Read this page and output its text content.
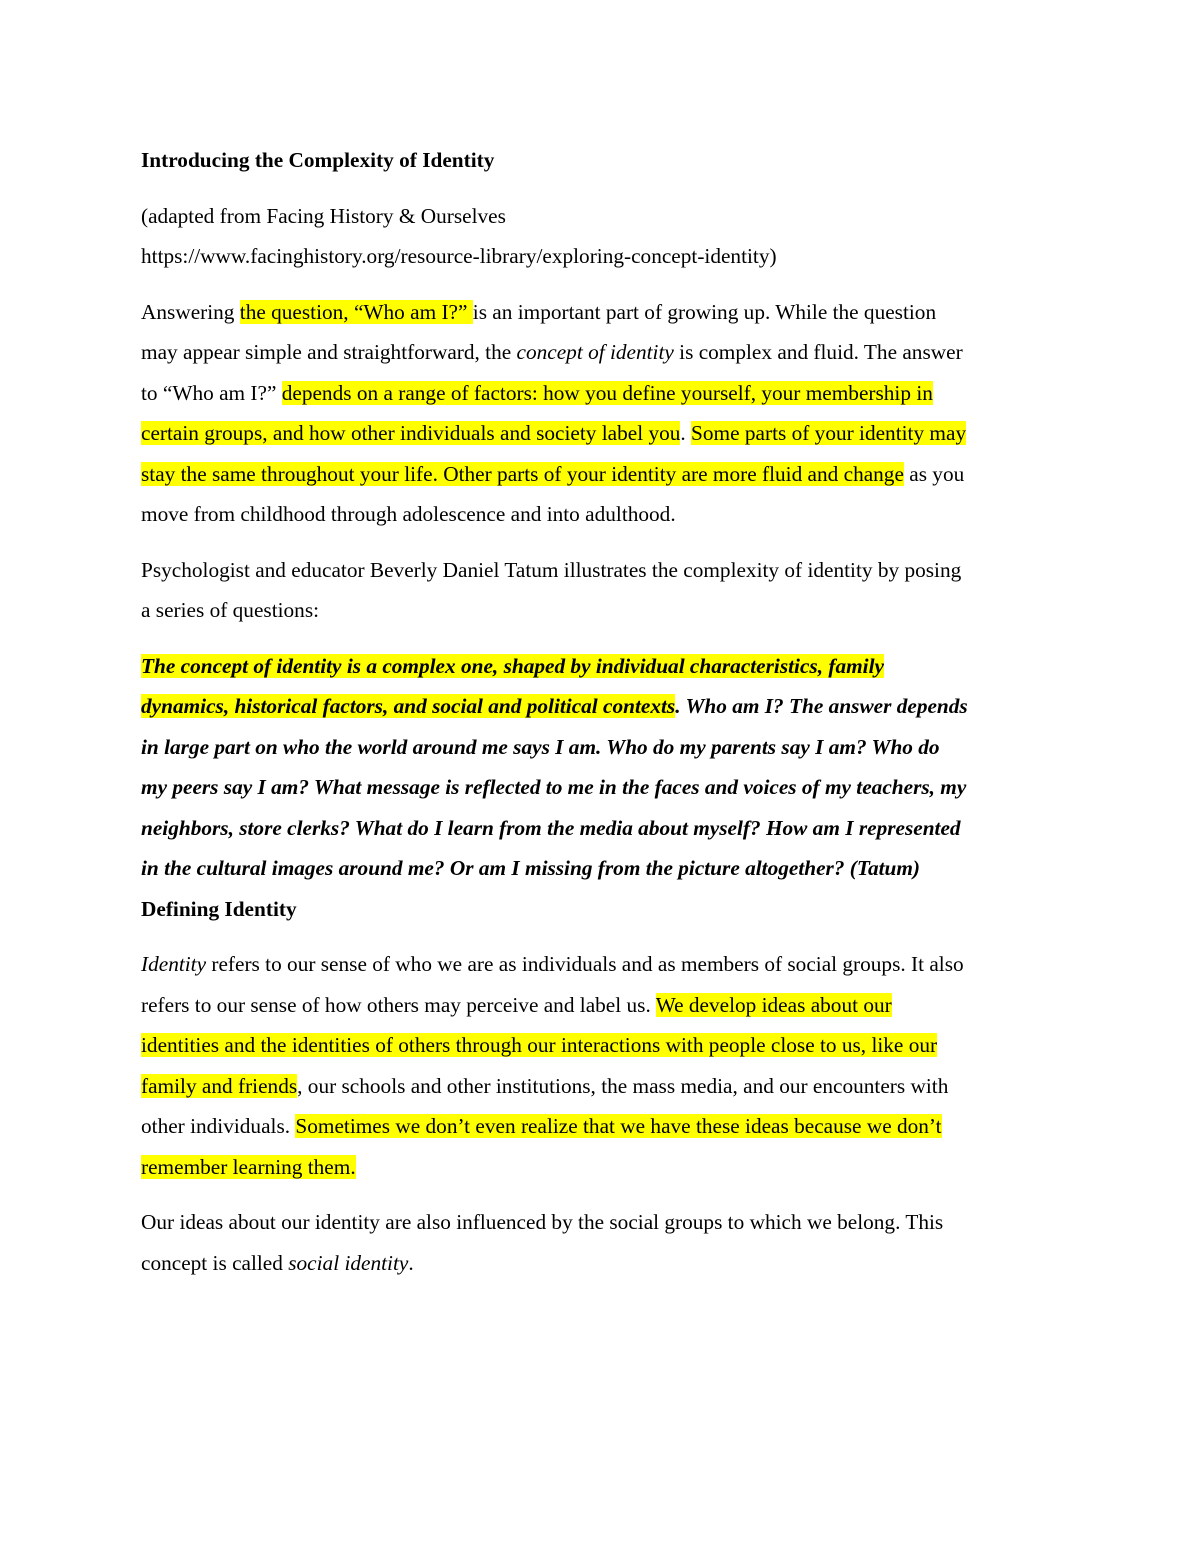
Introducing the Complexity of Identity

(adapted from Facing History & Ourselves
https://www.facinghistory.org/resource-library/exploring-concept-identity)

Answering the question, “Who am I?” is an important part of growing up. While the question
may appear simple and straightforward, the concept of identity is complex and fluid. The answer
to “Who am I?” depends on a range of factors: how you define yourself, your membership in
certain groups, and how other individuals and society label you. Some parts of your identity may
stay the same throughout your life. Other parts of your identity are more fluid and change as you
move from childhood through adolescence and into adulthood.

Psychologist and educator Beverly Daniel Tatum illustrates the complexity of identity by posing
a series of questions:

The concept of identity is a complex one, shaped by individual characteristics, family
dynamics, historical factors, and social and political contexts. Who am I? The answer depends
in large part on who the world around me says I am. Who do my parents say I am? Who do
my peers say I am? What message is reflected to me in the faces and voices of my teachers, my
neighbors, store clerks? What do I learn from the media about myself? How am I represented
in the cultural images around me? Or am I missing from the picture altogether? (Tatum)

Defining Identity

Identity refers to our sense of who we are as individuals and as members of social groups. It also
refers to our sense of how others may perceive and label us. We develop ideas about our
identities and the identities of others through our interactions with people close to us, like our
family and friends, our schools and other institutions, the mass media, and our encounters with
other individuals. Sometimes we don’t even realize that we have these ideas because we don’t
remember learning them.

Our ideas about our identity are also influenced by the social groups to which we belong. This
concept is called social identity.
